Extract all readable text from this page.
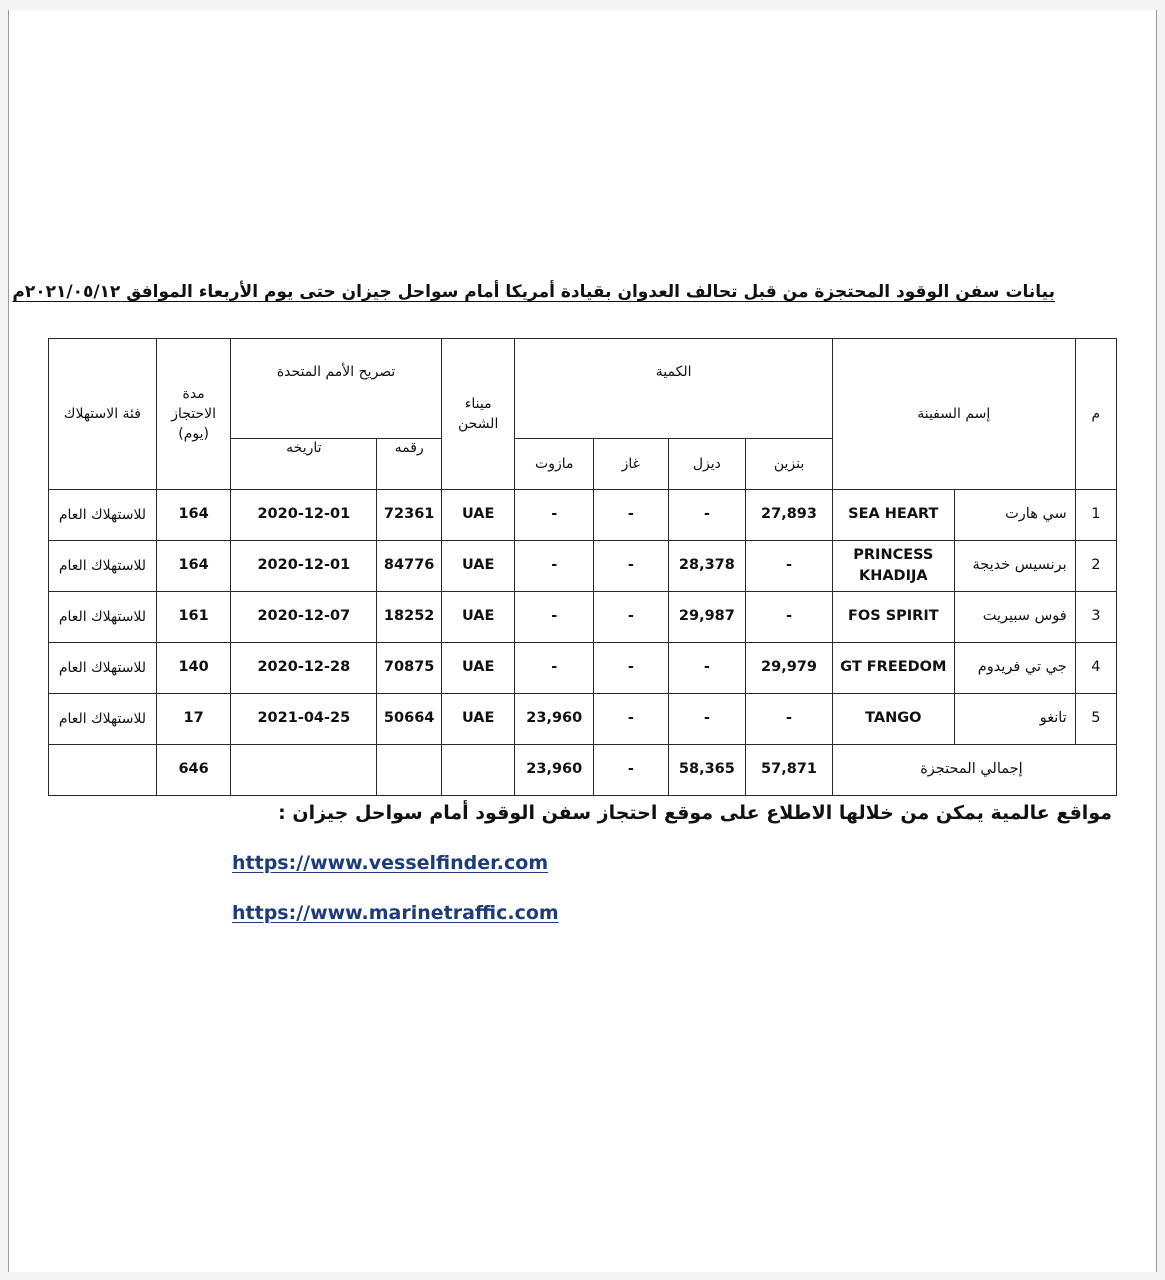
بيانات سفن الوقود المحتجزة من قبل تحالف العدوان بقيادة أمريكا أمام سواحل جيزان حتى يوم الأربعاء الموافق ٢٠٢١/٠٥/١٢م
م	إسم السفينة		الكمية				ميناء الشحن	تصريح الأمم المتحدة		مدة الاحتجاز (يوم)	فئة الاستهلاك
			بنزين	ديزل	غاز	مازوت		رقمه	تاريخه		
1	سي هارت	SEA HEART	27,893	-	-	-	UAE	72361	2020-12-01	164	للاستهلاك العام
2	برنسيس خديجة	PRINCESS KHADIJA	-	28,378	-	-	UAE	84776	2020-12-01	164	للاستهلاك العام
3	فوس سبيريت	FOS SPIRIT	-	29,987	-	-	UAE	18252	2020-12-07	161	للاستهلاك العام
4	جي تي فريدوم	GT FREEDOM	29,979	-	-	-	UAE	70875	2020-12-28	140	للاستهلاك العام
5	تانغو	TANGO	-	-	-	23,960	UAE	50664	2021-04-25	17	للاستهلاك العام
إجمالي المحتجزة			57,871	58,365	-	23,960				646	
مواقع عالمية يمكن من خلالها الاطلاع على موقع احتجاز سفن الوقود أمام سواحل جيزان :
https://www.vesselfinder.com
https://www.marinetraffic.com
